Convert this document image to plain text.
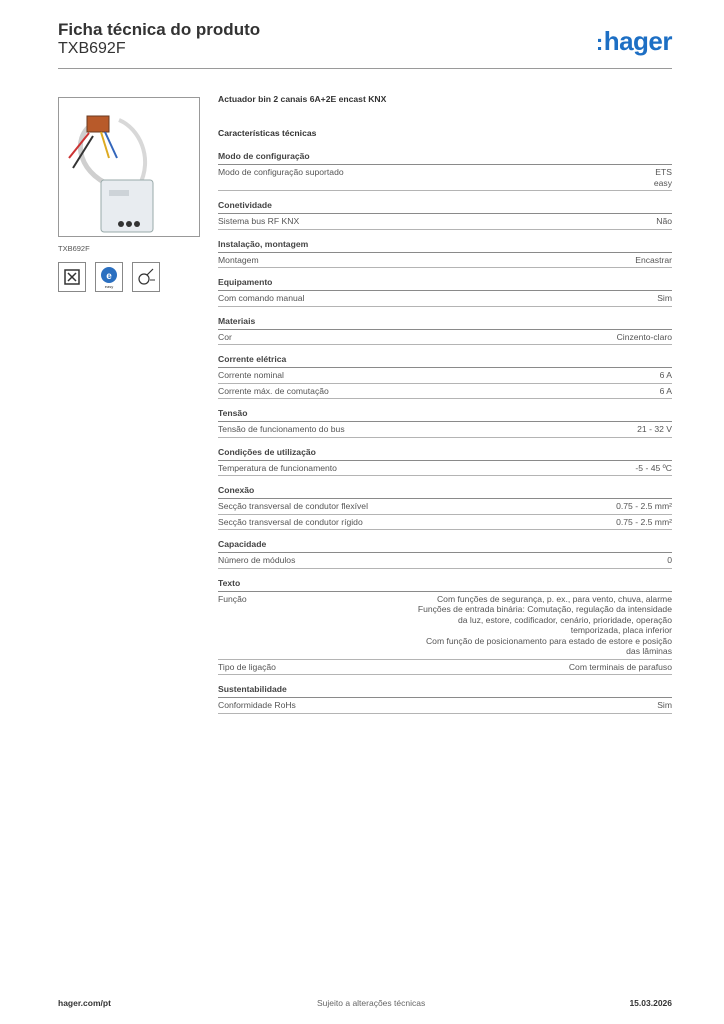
Ficha técnica do produto
TXB692F	:hager
TXB692F
e
easy
Actuador bin 2 canais 6A+2E encast KNX
Características técnicas
Modo de configuração
Modo de configuração suportado	ETS
easy
Conetividade
Sistema bus RF KNX	Não
Instalação, montagem
Montagem	Encastrar
Equipamento
Com comando manual	Sim
Materiais
Cor	Cinzento-claro
Corrente elétrica
Corrente nominal	6 A
Corrente máx. de comutação	6 A
Tensão
Tensão de funcionamento do bus	21 - 32 V
Condições de utilização
Temperatura de funcionamento	-5 - 45 ºC
Conexão
Secção transversal de condutor flexível	0.75 - 2.5 mm²
Secção transversal de condutor rígido	0.75 - 2.5 mm²
Capacidade
Número de módulos	0
Texto
Função	Com funções de segurança, p. ex., para vento, chuva, alarme
Funções de entrada binária: Comutação, regulação da intensidade
da luz, estore, codificador, cenário, prioridade, operação
temporizada, placa inferior
Com função de posicionamento para estado de estore e posição
das lâminas
Tipo de ligação	Com terminais de parafuso
Sustentabilidade
Conformidade RoHs	Sim
hager.com/pt	Sujeito a alterações técnicas	15.03.2026
